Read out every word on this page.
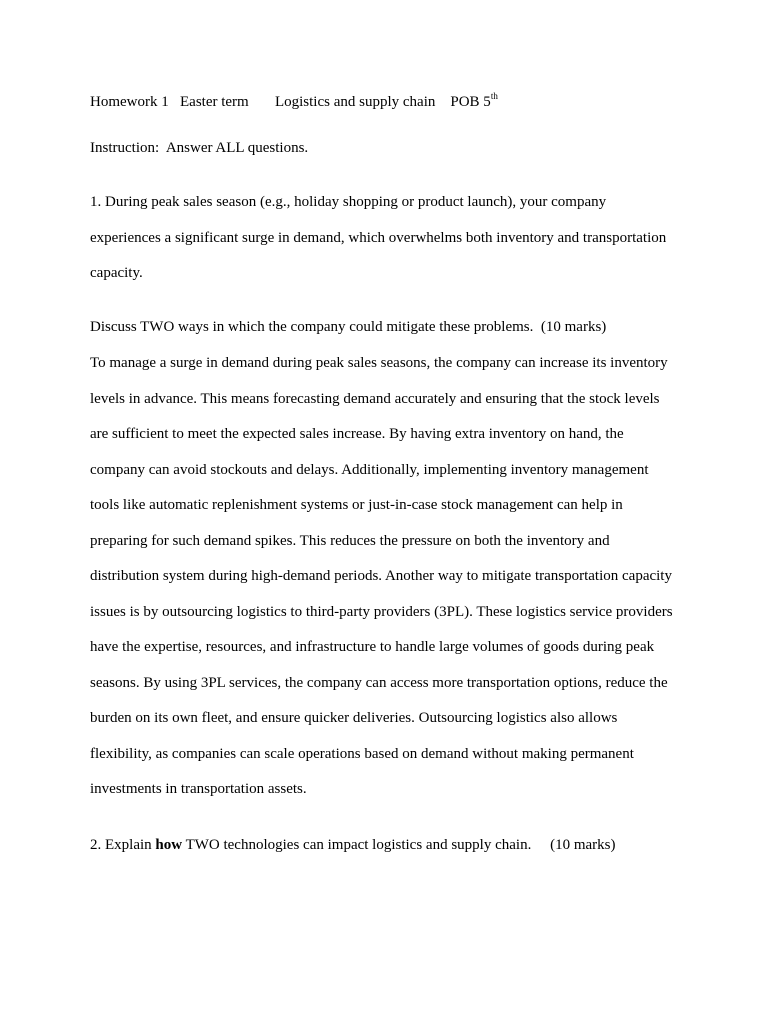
Homework 1 Easter term Logistics and supply chain POB 5th
Instruction:  Answer ALL questions.
1. During peak sales season (e.g., holiday shopping or product launch), your company
experiences a significant surge in demand, which overwhelms both inventory and transportation
capacity.
Discuss TWO ways in which the company could mitigate these problems.  (10 marks)
To manage a surge in demand during peak sales seasons, the company can increase its inventory
levels in advance. This means forecasting demand accurately and ensuring that the stock levels
are sufficient to meet the expected sales increase. By having extra inventory on hand, the
company can avoid stockouts and delays. Additionally, implementing inventory management
tools like automatic replenishment systems or just-in-case stock management can help in
preparing for such demand spikes. This reduces the pressure on both the inventory and
distribution system during high-demand periods. Another way to mitigate transportation capacity
issues is by outsourcing logistics to third-party providers (3PL). These logistics service providers
have the expertise, resources, and infrastructure to handle large volumes of goods during peak
seasons. By using 3PL services, the company can access more transportation options, reduce the
burden on its own fleet, and ensure quicker deliveries. Outsourcing logistics also allows
flexibility, as companies can scale operations based on demand without making permanent
investments in transportation assets.
2. Explain how TWO technologies can impact logistics and supply chain. (10 marks)
